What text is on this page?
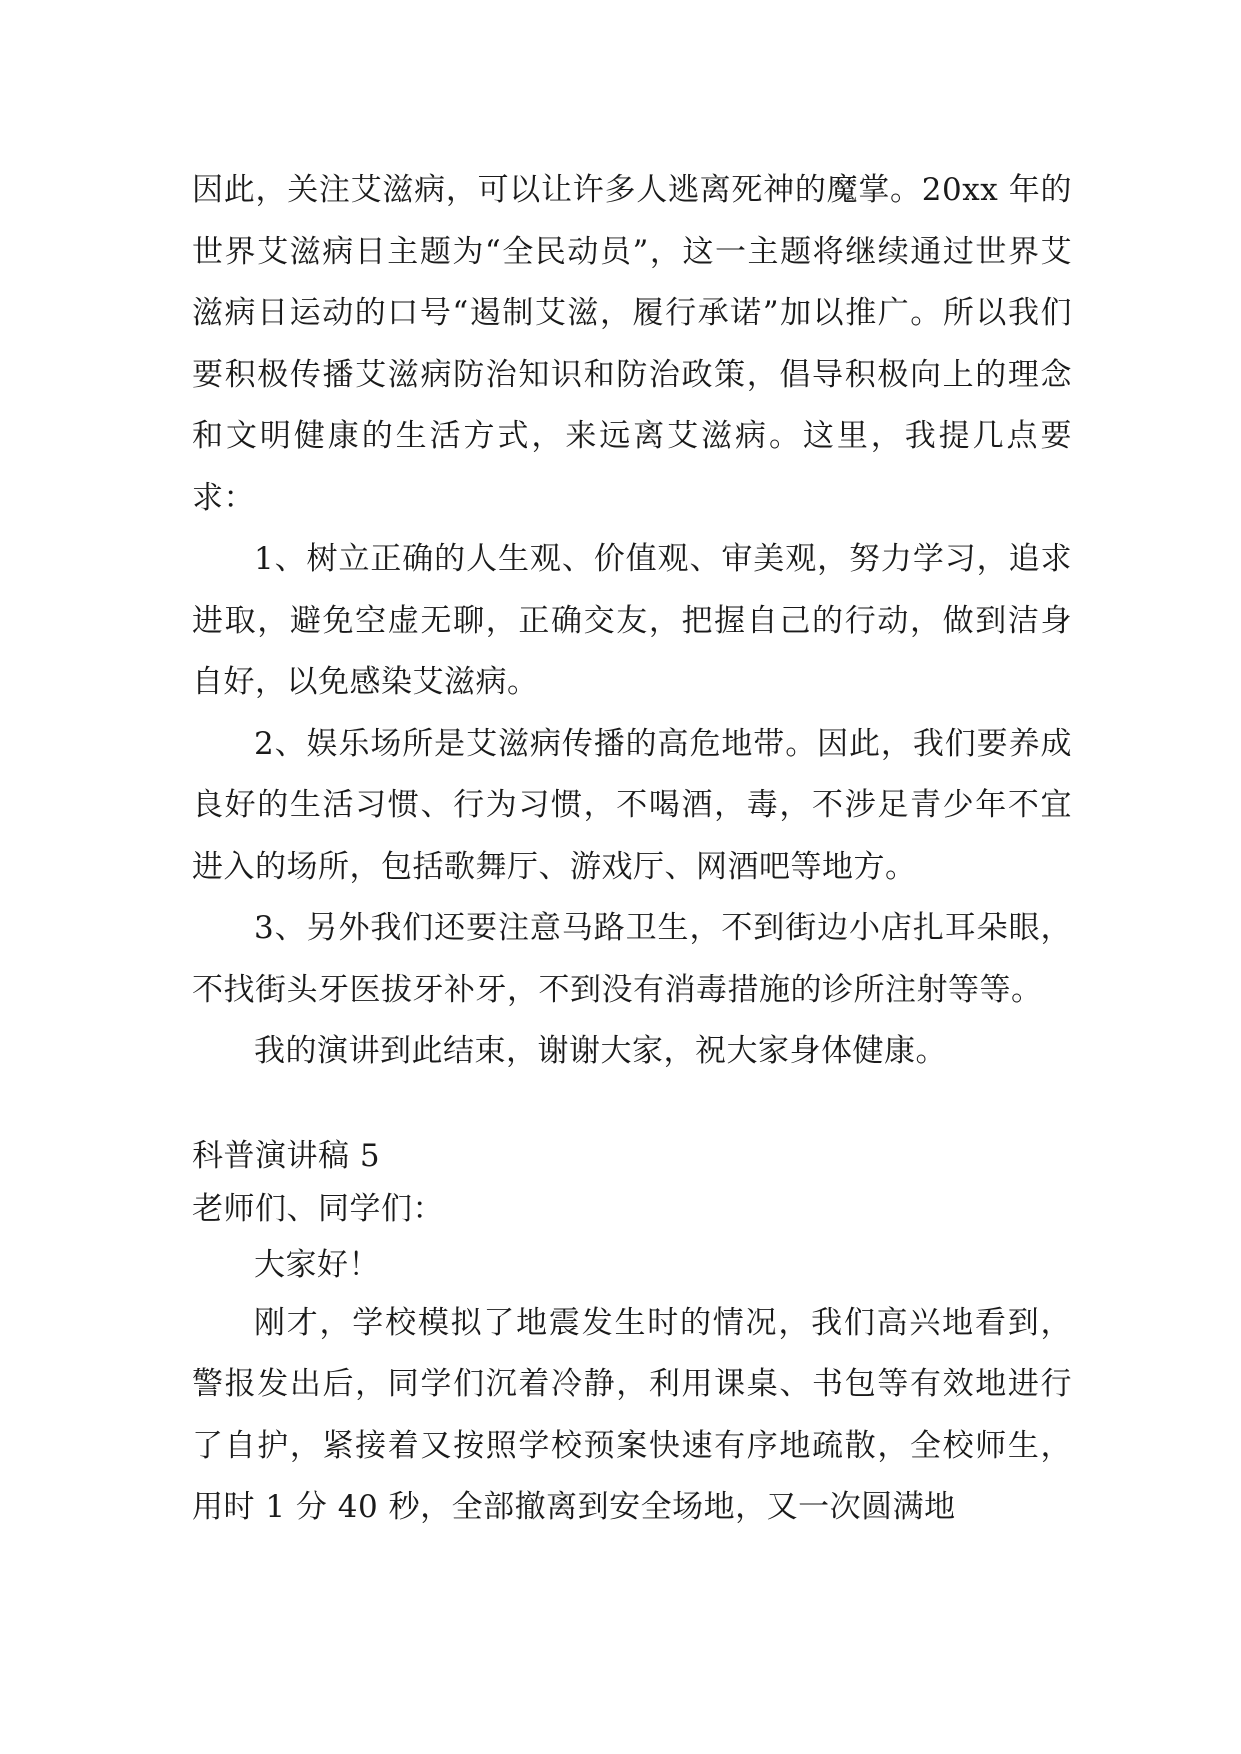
因此，关注艾滋病，可以让许多人逃离死神的魔掌。20xx 年的世界艾滋病日主题为“全民动员”，这一主题将继续通过世界艾滋病日运动的口号“遏制艾滋，履行承诺”加以推广。所以我们要积极传播艾滋病防治知识和防治政策，倡导积极向上的理念和文明健康的生活方式，来远离艾滋病。这里，我提几点要求：

1、树立正确的人生观、价值观、审美观，努力学习，追求进取，避免空虚无聊，正确交友，把握自己的行动，做到洁身自好，以免感染艾滋病。

2、娱乐场所是艾滋病传播的高危地带。因此，我们要养成良好的生活习惯、行为习惯，不喝酒，毒，不涉足青少年不宜进入的场所，包括歌舞厅、游戏厅、网酒吧等地方。

3、另外我们还要注意马路卫生，不到街边小店扎耳朵眼，不找街头牙医拔牙补牙，不到没有消毒措施的诊所注射等等。

我的演讲到此结束，谢谢大家，祝大家身体健康。

科普演讲稿 5

老师们、同学们：

大家好！

刚才，学校模拟了地震发生时的情况，我们高兴地看到，警报发出后，同学们沉着冷静，利用课桌、书包等有效地进行了自护，紧接着又按照学校预案快速有序地疏散，全校师生，用时 1 分 40 秒，全部撤离到安全场地，又一次圆满地
